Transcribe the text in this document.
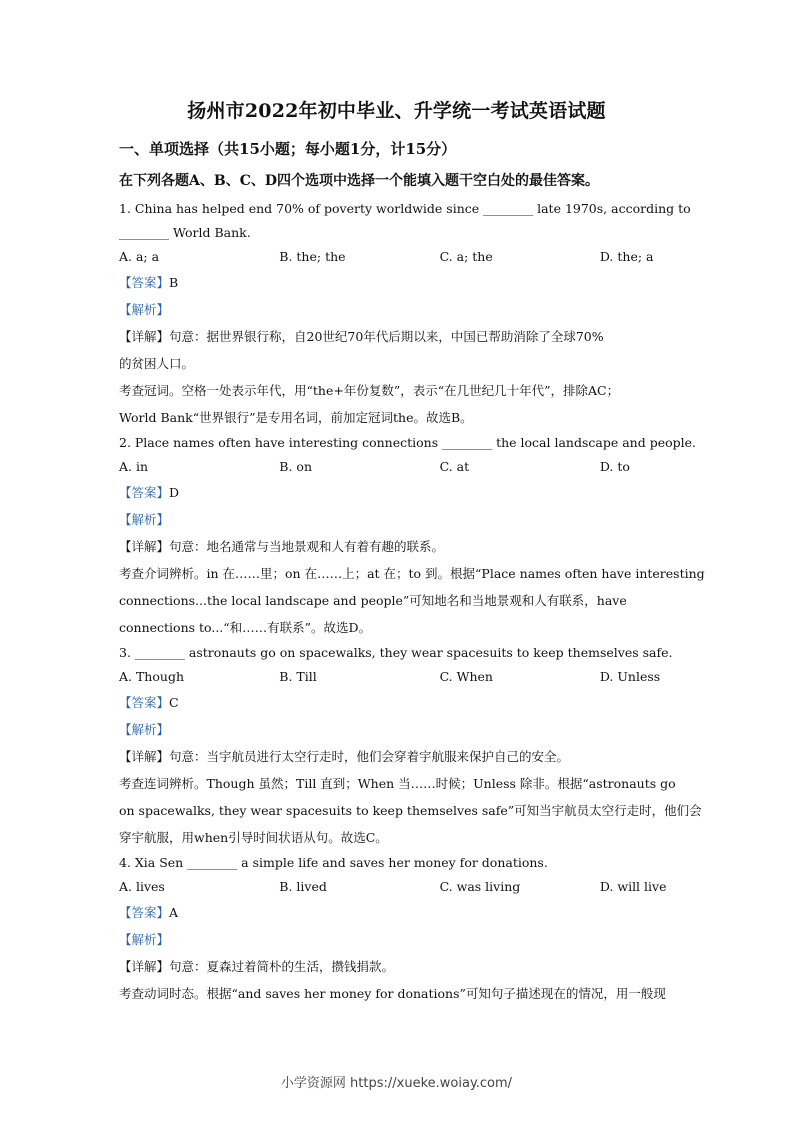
扬州市2022年初中毕业、升学统一考试英语试题
一、单项选择（共15小题；每小题1分，计15分）
在下列各题A、B、C、D四个选项中选择一个能填入题干空白处的最佳答案。
1. China has helped end 70% of poverty worldwide since ________ late 1970s, according to
________ World Bank.
A. a; a	B. the; the	C. a; the	D. the; a
【答案】B
【解析】
【详解】句意：据世界银行称，自20世纪70年代后期以来，中国已帮助消除了全球70%
的贫困人口。
考查冠词。空格一处表示年代，用“the+年份复数”，表示“在几世纪几十年代”，排除AC；
World Bank“世界银行”是专用名词，前加定冠词the。故选B。
2. Place names often have interesting connections ________ the local landscape and people.
A. in	B. on	C. at	D. to
【答案】D
【解析】
【详解】句意：地名通常与当地景观和人有着有趣的联系。
考查介词辨析。in 在……里；on 在……上；at 在；to 到。根据“Place names often have interesting
connections...the local landscape and people”可知地名和当地景观和人有联系，have
connections to...“和……有联系”。故选D。
3. ________ astronauts go on spacewalks, they wear spacesuits to keep themselves safe.
A. Though	B. Till	C. When	D. Unless
【答案】C
【解析】
【详解】句意：当宇航员进行太空行走时，他们会穿着宇航服来保护自己的安全。
考查连词辨析。Though 虽然；Till 直到；When 当……时候；Unless 除非。根据“astronauts go
on spacewalks, they wear spacesuits to keep themselves safe”可知当宇航员太空行走时，他们会
穿宇航服，用when引导时间状语从句。故选C。
4. Xia Sen ________ a simple life and saves her money for donations.
A. lives	B. lived	C. was living	D. will live
【答案】A
【解析】
【详解】句意：夏森过着简朴的生活，攒钱捐款。
考查动词时态。根据“and saves her money for donations”可知句子描述现在的情况，用一般现
小学资源网 https://xueke.woiay.com/
